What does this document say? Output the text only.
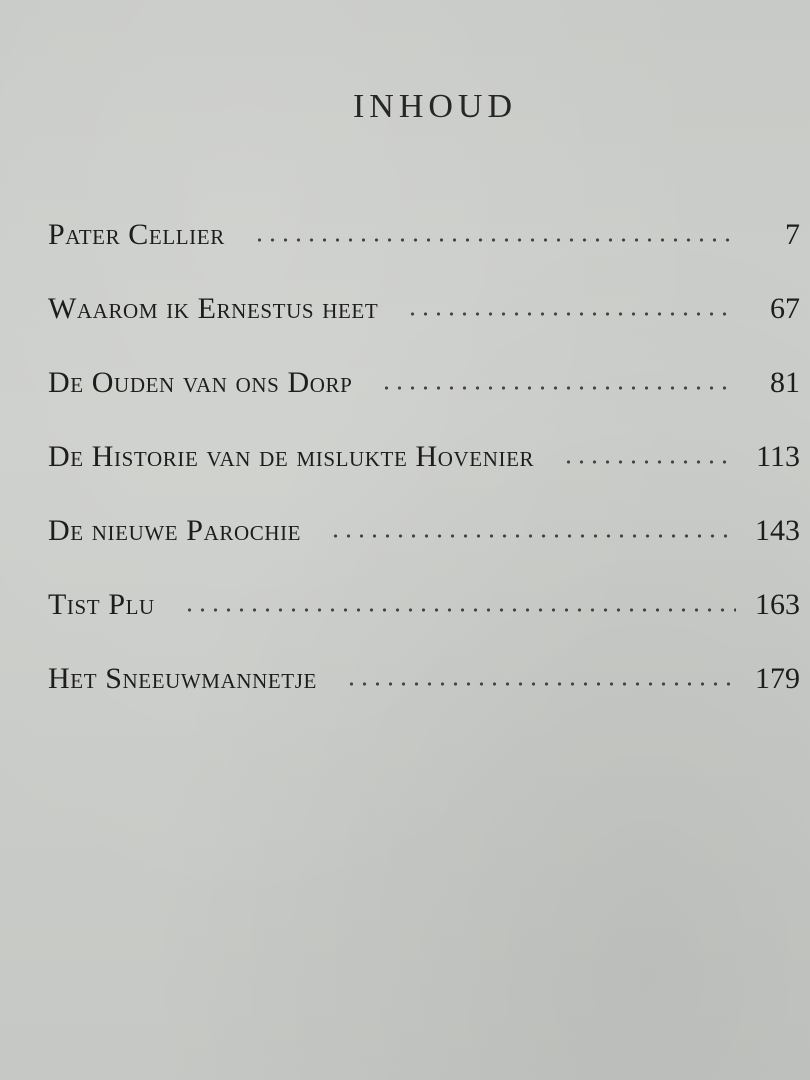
INHOUD
Pater Cellier	7
Waarom ik Ernestus heet	67
De Ouden van ons Dorp	81
De Historie van de mislukte Hovenier	113
De nieuwe Parochie	143
Tist Plu	163
Het Sneeuwmannetje	179
